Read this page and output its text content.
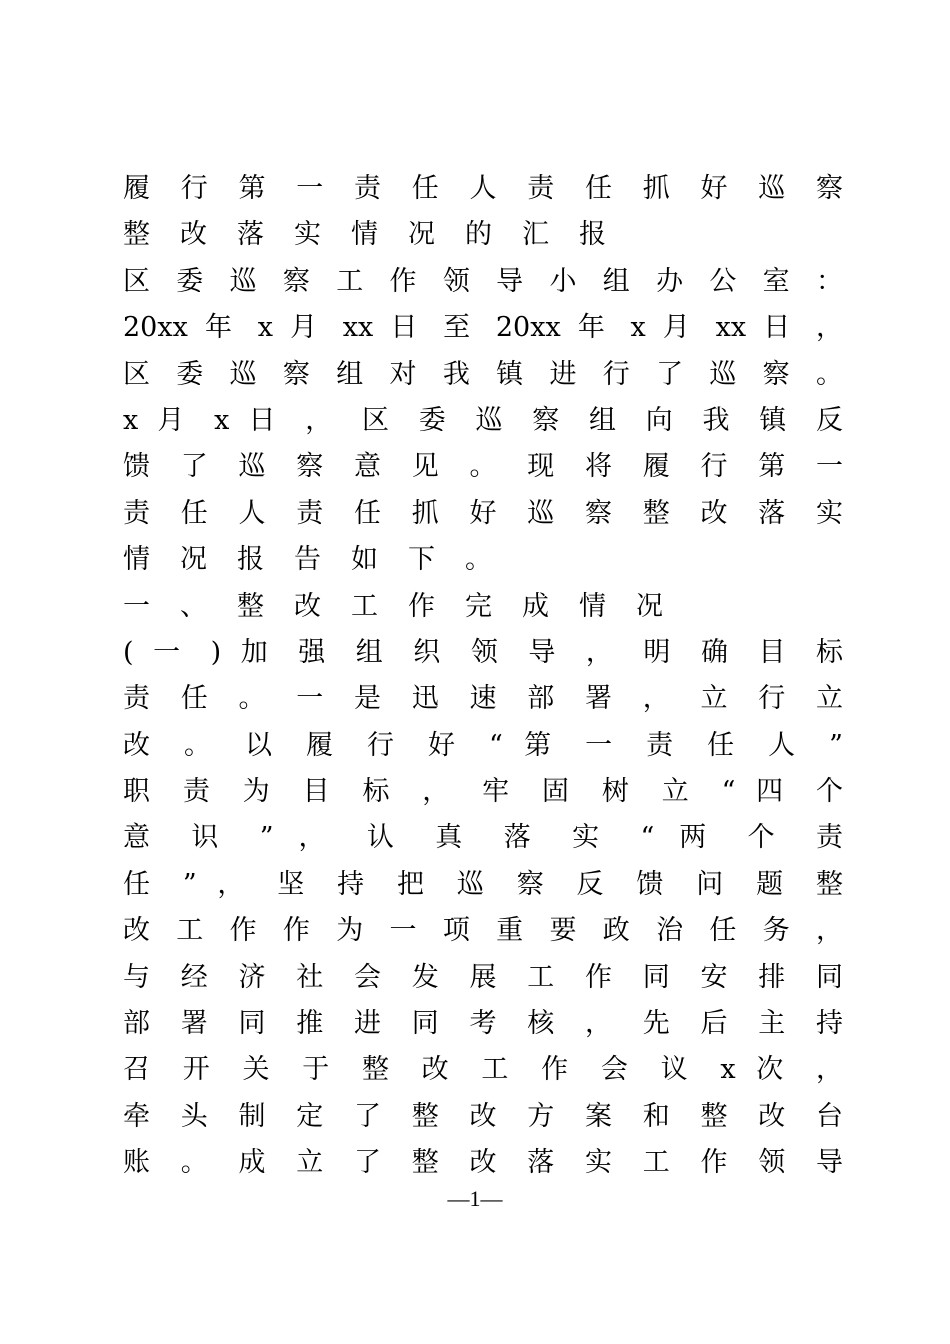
履 行 第 一 责 任 人 责 任 抓 好 巡 察
整改落实情况的汇报
区 委 巡 察 工 作 领 导 小 组 办 公 室 ：
20xx 年 x 月 xx 日 至 20xx 年 x 月 xx 日 ，
区 委 巡 察 组 对 我 镇 进 行 了 巡 察 。
x 月 x 日 ， 区 委 巡 察 组 向 我 镇 反
馈 了 巡 察 意 见 。 现 将 履 行 第 一
责 任 人 责 任 抓 好 巡 察 整 改 落 实
情况报告如下。
一、整改工作完成情况
( 一 ) 加 强 组 织 领 导 ， 明 确 目 标
责 任 。 一 是 迅 速 部 署 ， 立 行 立
改 。 以 履 行 好 “ 第 一 责 任 人 ”
职 责 为 目 标 ， 牢 固 树 立 “ 四 个
意 识 ” ， 认 真 落 实 “ 两 个 责
任 ” ， 坚 持 把 巡 察 反 馈 问 题 整
改 工 作 作 为 一 项 重 要 政 治 任 务 ，
与 经 济 社 会 发 展 工 作 同 安 排 同
部 署 同 推 进 同 考 核 ， 先 后 主 持
召 开 关 于 整 改 工 作 会 议 x 次 ，
牵 头 制 定 了 整 改 方 案 和 整 改 台
账 。 成 立 了 整 改 落 实 工 作 领 导
—1—
